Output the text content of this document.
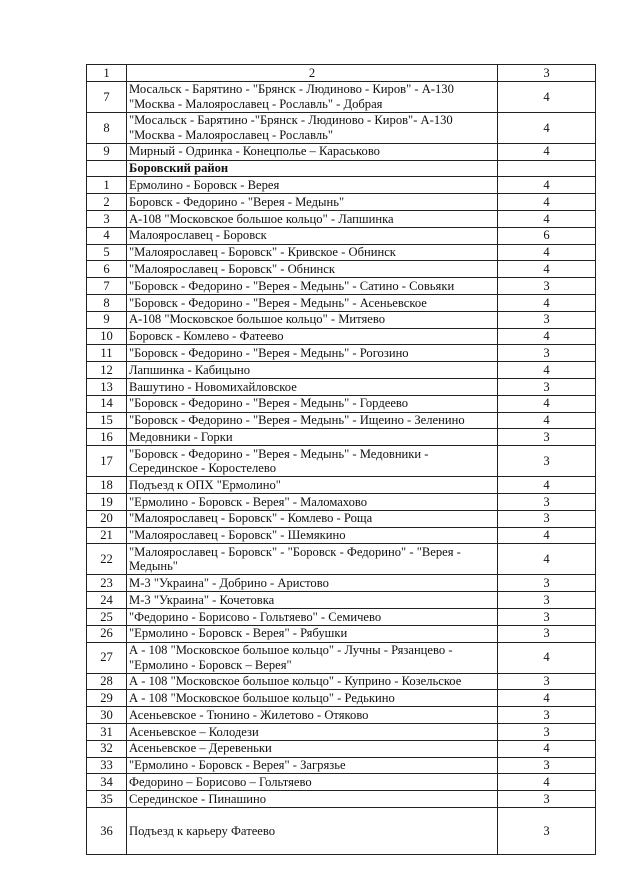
1	2	3
7	Мосальск - Барятино - "Брянск - Людиново - Киров" - А-130 "Москва - Малоярославец - Рославль" - Добрая	4
8	"Мосальск - Барятино -"Брянск - Людиново - Киров"- А-130 "Москва - Малоярославец - Рославль"	4
9	Мирный - Одринка - Конецполье – Караськово	4
	Боровский район	
1	Ермолино - Боровск - Верея	4
2	Боровск - Федорино - "Верея - Медынь"	4
3	А-108 "Московское большое кольцо" - Лапшинка	4
4	Малоярославец - Боровск	6
5	"Малоярославец - Боровск" - Кривское - Обнинск	4
6	"Малоярославец - Боровск" - Обнинск	4
7	"Боровск - Федорино - "Верея - Медынь" - Сатино - Совьяки	3
8	"Боровск - Федорино - "Верея - Медынь" - Асеньевское	4
9	А-108 "Московское большое кольцо" - Митяево	3
10	Боровск - Комлево - Фатеево	4
11	"Боровск - Федорино - "Верея - Медынь" - Рогозино	3
12	Лапшинка - Кабицыно	4
13	Вашутино - Новомихайловское	3
14	"Боровск - Федорино - "Верея - Медынь" - Гордеево	4
15	"Боровск - Федорино - "Верея - Медынь" - Ищеино - Зеленино	4
16	Медовники - Горки	3
17	"Боровск - Федорино - "Верея - Медынь" - Медовники - Серединское - Коростелево	3
18	Подъезд к ОПХ "Ермолино"	4
19	"Ермолино - Боровск - Верея" - Маломахово	3
20	"Малоярославец - Боровск" - Комлево - Роща	3
21	"Малоярославец - Боровск" - Шемякино	4
22	"Малоярославец - Боровск" - "Боровск - Федорино" - "Верея - Медынь"	4
23	М-3 "Украина" - Добрино - Аристово	3
24	М-3 "Украина" - Кочетовка	3
25	"Федорино - Борисово - Гольтяево" - Семичево	3
26	"Ермолино - Боровск - Верея" - Рябушки	3
27	А - 108 "Московское большое кольцо" - Лучны - Рязанцево - "Ермолино - Боровск – Верея"	4
28	А - 108 "Московское большое кольцо" - Куприно - Козельское	3
29	А - 108 "Московское большое кольцо" - Редькино	4
30	Асеньевское - Тюнино - Жилетово - Отяково	3
31	Асеньевское – Колодези	3
32	Асеньевское – Деревеньки	4
33	"Ермолино - Боровск - Верея" - Загрязье	3
34	Федорино – Борисово – Гольтяево	4
35	Серединское - Пинашино	3
36	Подъезд к карьеру Фатеево	3
